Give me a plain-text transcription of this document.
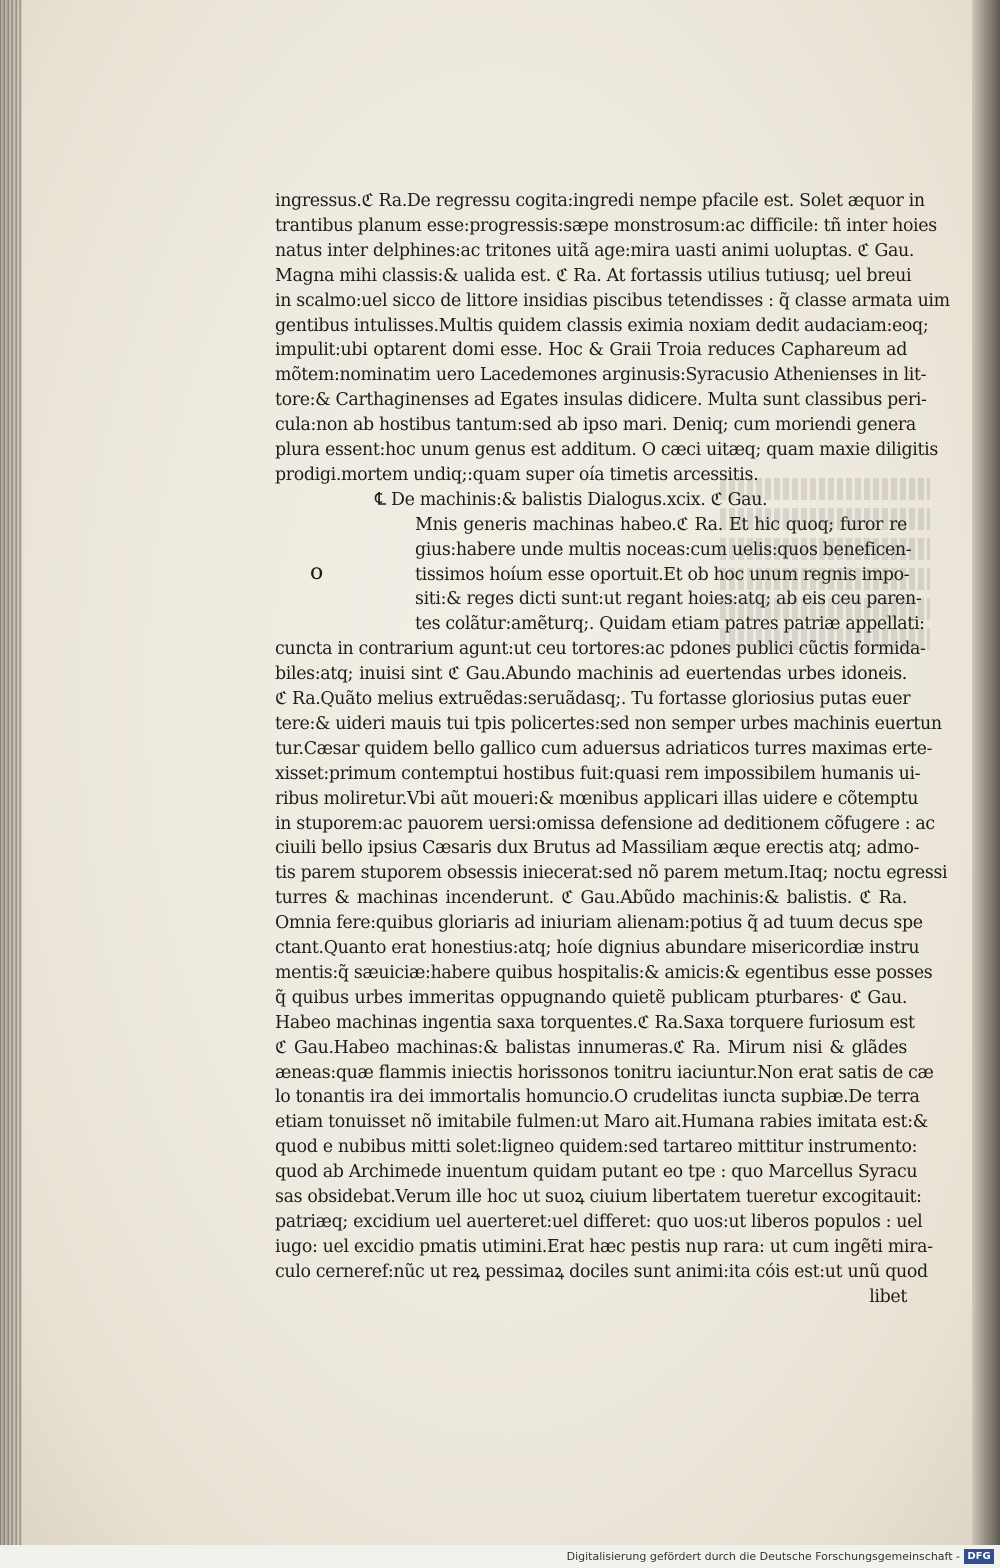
ingressus.ℭ Ra.De regressu cogita:ingredi nempe pfacile est. Solet æquor in
trantibus planum esse:progressis:sæpe monstrosum:ac difficile: tñ inter hoies
natus inter delphines:ac tritones uitã age:mira uasti animi uoluptas. ℭ Gau.
Magna mihi classis:& ualida est. ℭ Ra. At fortassis utilius tutiusq; uel breui
in scalmo:uel sicco de littore insidias piscibus tetendisses : q̃ classe armata uim
gentibus intulisses.Multis quidem classis eximia noxiam dedit audaciam:eoq;
impulit:ubi optarent domi esse. Hoc & Graii Troia reduces Caphareum ad
mõtem:nominatim uero Lacedemones arginusis:Syracusio Athenienses in lit-
tore:& Carthaginenses ad Egates insulas didicere. Multa sunt classibus peri-
cula:non ab hostibus tantum:sed ab ipso mari. Deniq; cum moriendi genera
plura essent:hoc unum genus est additum. O cæci uitæq; quam maxie diligitis
prodigi.mortem undiq;:quam super oía timetis arcessitis.
℄ De machinis:& balistis Dialogus.xcix. ℭ Gau.
Mnis generis machinas habeo.ℭ Ra. Et hic quoq; furor re
gius:habere unde multis noceas:cum uelis:quos beneficen-
tissimos hoíum esse oportuit.Et ob hoc unum regnis impo-
siti:& reges dicti sunt:ut regant hoies:atq; ab eis ceu paren-
tes colãtur:amẽturq;. Quidam etiam patres patriæ appellati:
cuncta in contrarium agunt:ut ceu tortores:ac pdones publici cũctis formida-
biles:atq; inuisi sint ℭ Gau.Abundo machinis ad euertendas urbes idoneis.
ℭ Ra.Quãto melius extruẽdas:seruãdasq;. Tu fortasse gloriosius putas euer
tere:& uideri mauis tui tpis policertes:sed non semper urbes machinis euertun
tur.Cæsar quidem bello gallico cum aduersus adriaticos turres maximas erte-
xisset:primum contemptui hostibus fuit:quasi rem impossibilem humanis ui-
ribus moliretur.Vbi aũt moueri:& mœnibus applicari illas uidere e cõtemptu
in stuporem:ac pauorem uersi:omissa defensione ad deditionem cõfugere : ac
ciuili bello ipsius Cæsaris dux Brutus ad Massiliam æque erectis atq; admo-
tis parem stuporem obsessis iniecerat:sed nõ parem metum.Itaq; noctu egressi
turres & machinas incenderunt. ℭ Gau.Abũdo machinis:& balistis. ℭ Ra.
Omnia fere:quibus gloriaris ad iniuriam alienam:potius q̃ ad tuum decus spe
ctant.Quanto erat honestius:atq; hoíe dignius abundare misericordiæ instru
mentis:q̃ sæuiciæ:habere quibus hospitalis:& amicis:& egentibus esse posses
q̃ quibus urbes immeritas oppugnando quietẽ publicam pturbares· ℭ Gau.
Habeo machinas ingentia saxa torquentes.ℭ Ra.Saxa torquere furiosum est
ℭ Gau.Habeo machinas:& balistas innumeras.ℭ Ra. Mirum nisi & glãdes
æneas:quæ flammis iniectis horissonos tonitru iaciuntur.Non erat satis de cæ
lo tonantis ira dei immortalis homuncio.O crudelitas iuncta supbiæ.De terra
etiam tonuisset nõ imitabile fulmen:ut Maro ait.Humana rabies imitata est:&
quod e nubibus mitti solet:ligneo quidem:sed tartareo mittitur instrumento:
quod ab Archimede inuentum quidam putant eo tpe : quo Marcellus Syracu
sas obsidebat.Verum ille hoc ut suoꝝ ciuium libertatem tueretur excogitauit:
patriæq; excidium uel auerteret:uel differet: quo uos:ut liberos populos : uel
iugo: uel excidio pmatis utimini.Erat hæc pestis nup rara: ut cum ingẽti mira-
culo cerneref:nũc ut reꝝ pessimaꝝ dociles sunt animi:ita cóis est:ut unũ quod
libet
o
Digitalisierung gefördert durch die Deutsche Forschungsgemeinschaft - DFG
